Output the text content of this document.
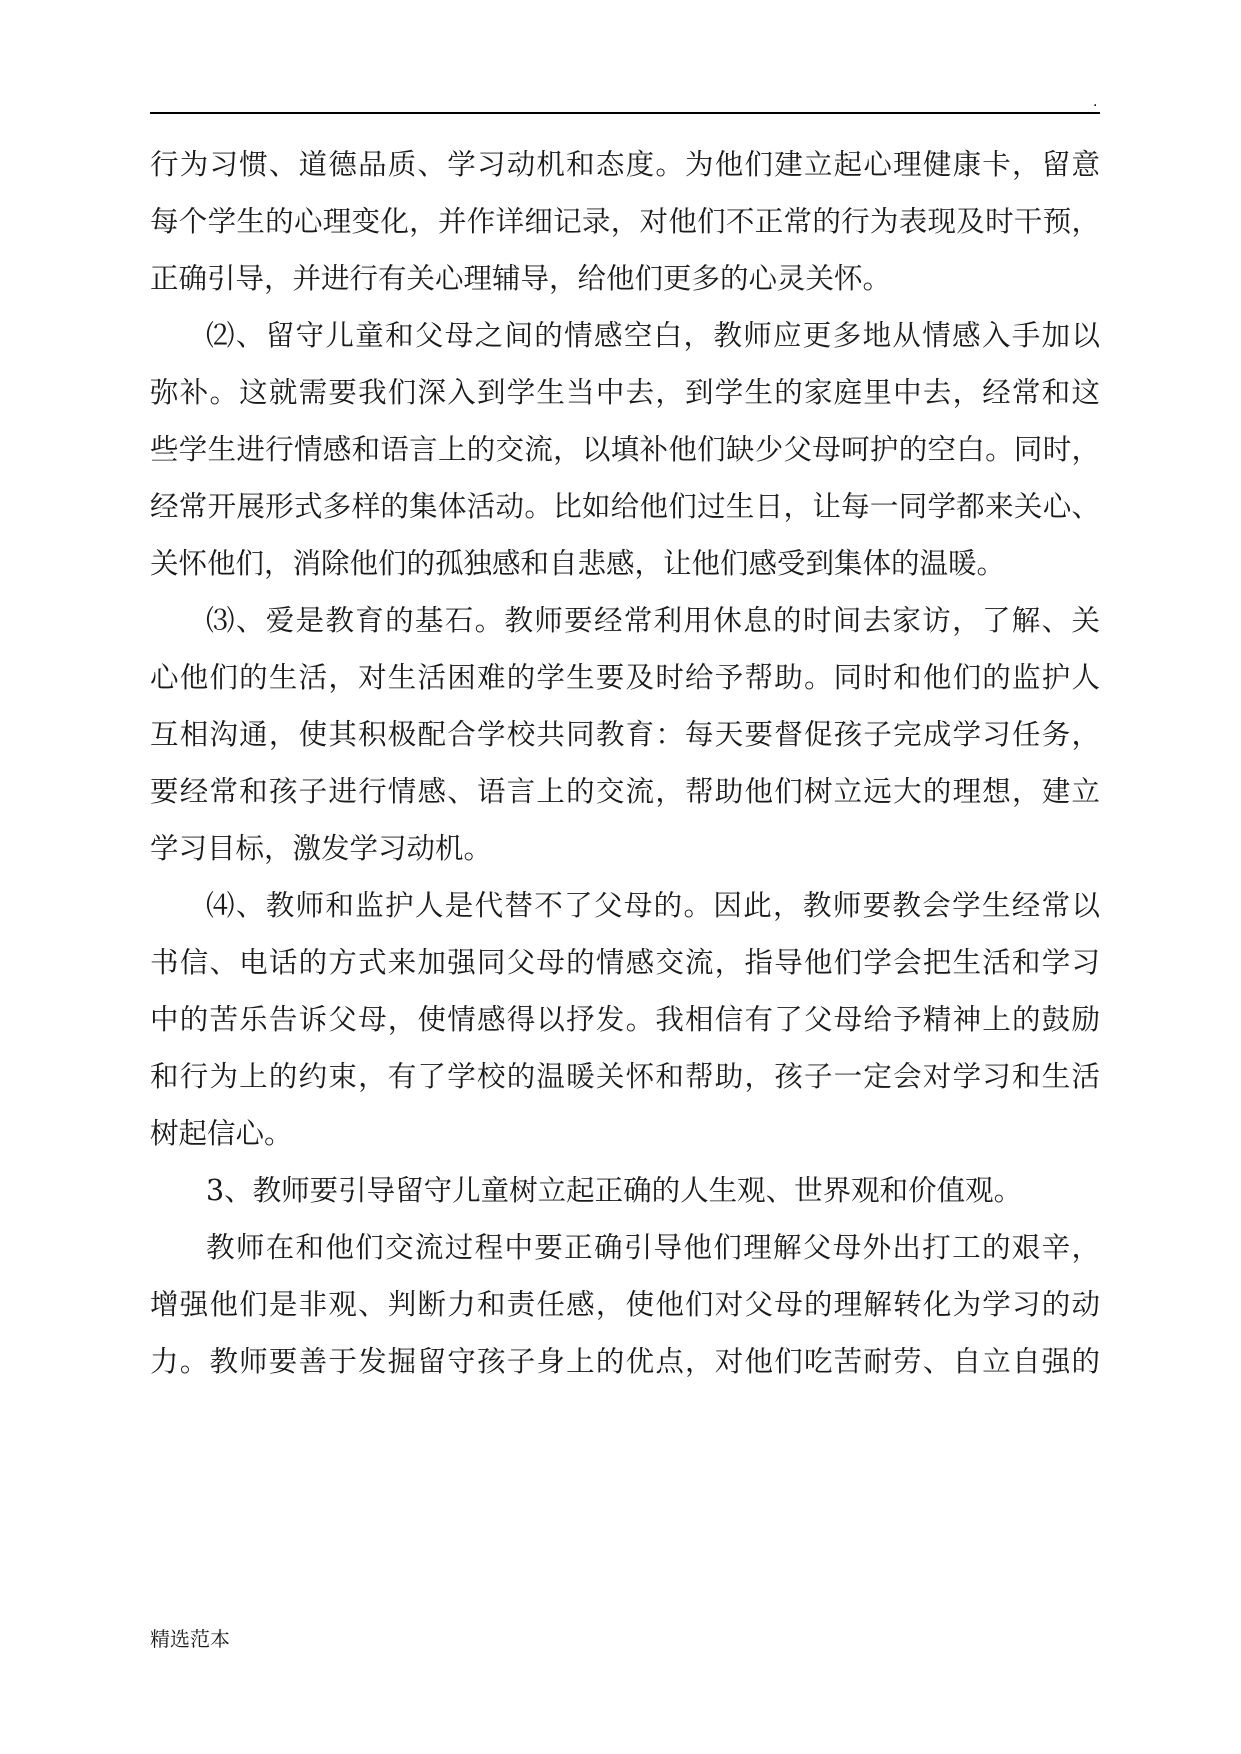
.
行为习惯、道德品质、学习动机和态度。为他们建立起心理健康卡，留意
每个学生的心理变化，并作详细记录，对他们不正常的行为表现及时干预，
正确引导，并进行有关心理辅导，给他们更多的心灵关怀。
⑵、留守儿童和父母之间的情感空白，教师应更多地从情感入手加以
弥补。这就需要我们深入到学生当中去，到学生的家庭里中去，经常和这
些学生进行情感和语言上的交流，以填补他们缺少父母呵护的空白。同时，
经常开展形式多样的集体活动。比如给他们过生日，让每一同学都来关心、
关怀他们，消除他们的孤独感和自悲感，让他们感受到集体的温暖。
⑶、爱是教育的基石。教师要经常利用休息的时间去家访，了解、关
心他们的生活，对生活困难的学生要及时给予帮助。同时和他们的监护人
互相沟通，使其积极配合学校共同教育：每天要督促孩子完成学习任务，
要经常和孩子进行情感、语言上的交流，帮助他们树立远大的理想，建立
学习目标，激发学习动机。
⑷、教师和监护人是代替不了父母的。因此，教师要教会学生经常以
书信、电话的方式来加强同父母的情感交流，指导他们学会把生活和学习
中的苦乐告诉父母，使情感得以抒发。我相信有了父母给予精神上的鼓励
和行为上的约束，有了学校的温暖关怀和帮助，孩子一定会对学习和生活
树起信心。
3、教师要引导留守儿童树立起正确的人生观、世界观和价值观。
教师在和他们交流过程中要正确引导他们理解父母外出打工的艰辛，
增强他们是非观、判断力和责任感，使他们对父母的理解转化为学习的动
力。教师要善于发掘留守孩子身上的优点，对他们吃苦耐劳、自立自强的
精选范本
